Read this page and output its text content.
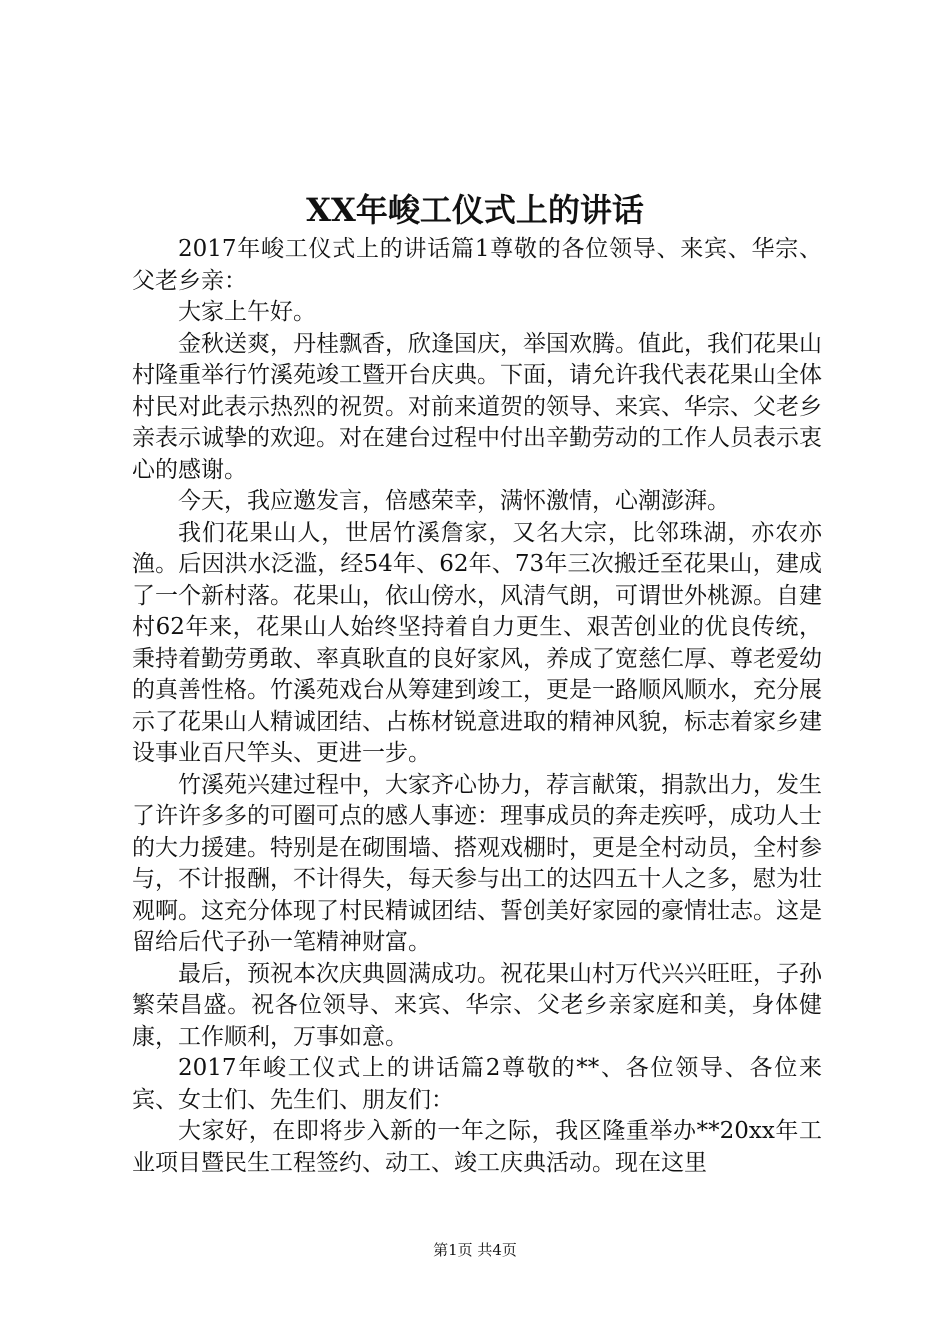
XX年峻工仪式上的讲话

2017年峻工仪式上的讲话篇1尊敬的各位领导、来宾、华宗、父老乡亲：

大家上午好。

金秋送爽，丹桂飘香，欣逢国庆，举国欢腾。值此，我们花果山村隆重举行竹溪苑竣工暨开台庆典。下面，请允许我代表花果山全体村民对此表示热烈的祝贺。对前来道贺的领导、来宾、华宗、父老乡亲表示诚挚的欢迎。对在建台过程中付出辛勤劳动的工作人员表示衷心的感谢。

今天，我应邀发言，倍感荣幸，满怀激情，心潮澎湃。

我们花果山人，世居竹溪詹家，又名大宗，比邻珠湖，亦农亦渔。后因洪水泛滥，经54年、62年、73年三次搬迁至花果山，建成了一个新村落。花果山，依山傍水，风清气朗，可谓世外桃源。自建村62年来，花果山人始终坚持着自力更生、艰苦创业的优良传统，秉持着勤劳勇敢、率真耿直的良好家风，养成了宽慈仁厚、尊老爱幼的真善性格。竹溪苑戏台从筹建到竣工，更是一路顺风顺水，充分展示了花果山人精诚团结、占栋材锐意进取的精神风貌，标志着家乡建设事业百尺竿头、更进一步。

竹溪苑兴建过程中，大家齐心协力，荐言献策，捐款出力，发生了许许多多的可圈可点的感人事迹：理事成员的奔走疾呼，成功人士的大力援建。特别是在砌围墙、搭观戏棚时，更是全村动员，全村参与，不计报酬，不计得失，每天参与出工的达四五十人之多，慰为壮观啊。这充分体现了村民精诚团结、誓创美好家园的豪情壮志。这是留给后代子孙一笔精神财富。

最后，预祝本次庆典圆满成功。祝花果山村万代兴兴旺旺，子孙繁荣昌盛。祝各位领导、来宾、华宗、父老乡亲家庭和美，身体健康，工作顺利，万事如意。

2017年峻工仪式上的讲话篇2尊敬的**、各位领导、各位来宾、女士们、先生们、朋友们：

大家好，在即将步入新的一年之际，我区隆重举办**20xx年工业项目暨民生工程签约、动工、竣工庆典活动。现在这里

第1页 共4页
